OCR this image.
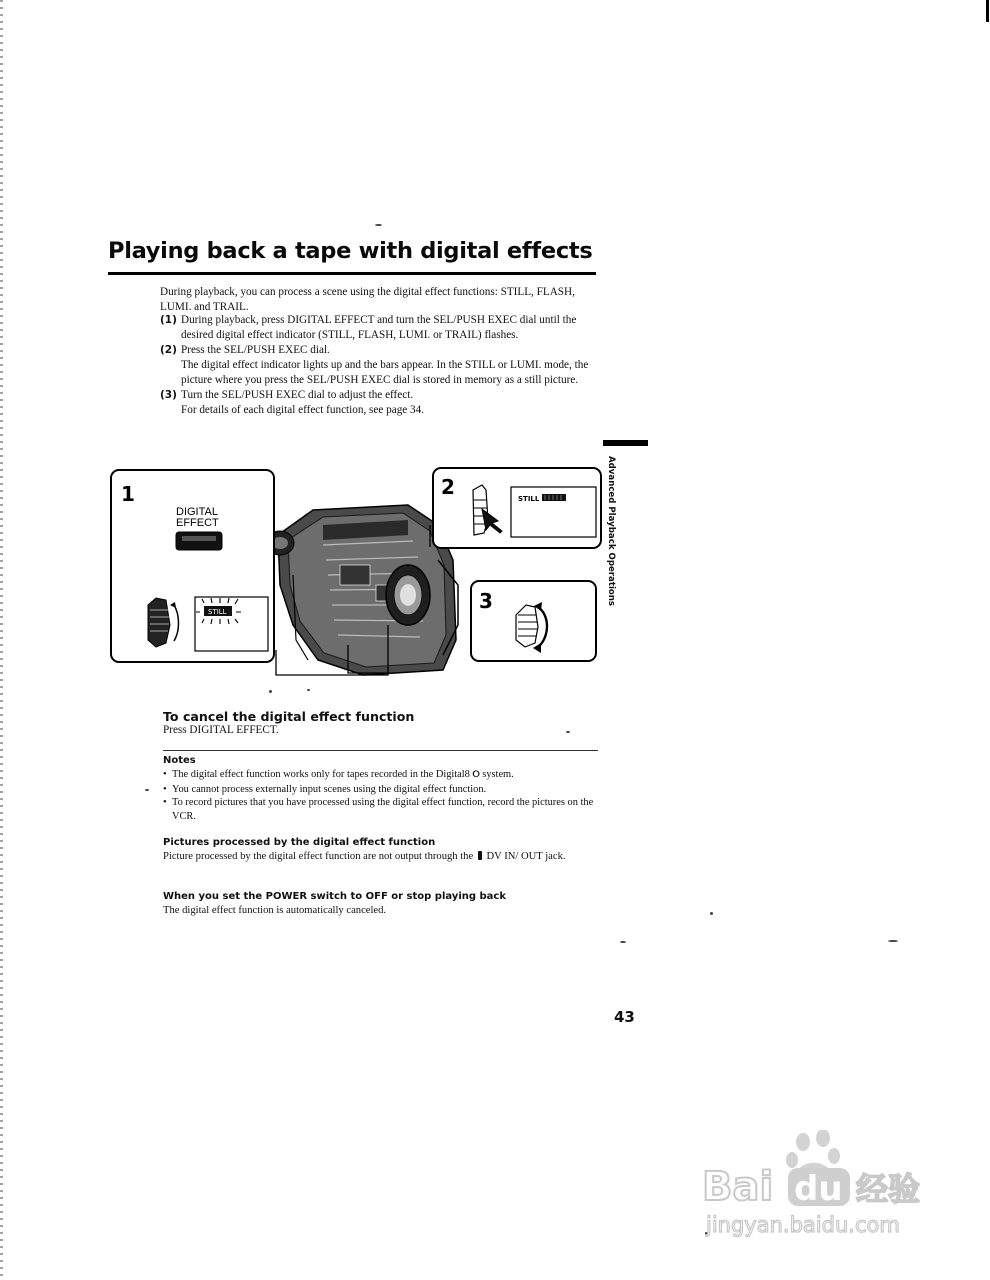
Playing back a tape with digital effects

During playback, you can process a scene using the digital effect functions: STILL, FLASH, LUMI. and TRAIL.

(1) During playback, press DIGITAL EFFECT and turn the SEL/PUSH EXEC dial until the desired digital effect indicator (STILL, FLASH, LUMI. or TRAIL) flashes.
(2) Press the SEL/PUSH EXEC dial.

The digital effect indicator lights up and the bars appear. In the STILL or LUMI. mode, the picture where you press the SEL/PUSH EXEC dial is stored in memory as a still picture.

(3) Turn the SEL/PUSH EXEC dial to adjust the effect.

For details of each digital effect function, see page 34.

Advanced Playback Operations
1
DIGITAL
EFFECT
STILL
2	STILL
3
To cancel the digital effect function

Press DIGITAL EFFECT.

Notes
• The digital effect function works only for tapes recorded in the Digital8 ⭘ system.
• You cannot process externally input scenes using the digital effect function.
• To record pictures that you have processed using the digital effect function, record the pictures on the VCR.
Pictures processed by the digital effect function

Picture processed by the digital effect function are not output through the  DV IN/ OUT jack.

When you set the POWER switch to OFF or stop playing back

The digital effect function is automatically canceled.

43

Bai du 经验
jingyan.baidu.com
